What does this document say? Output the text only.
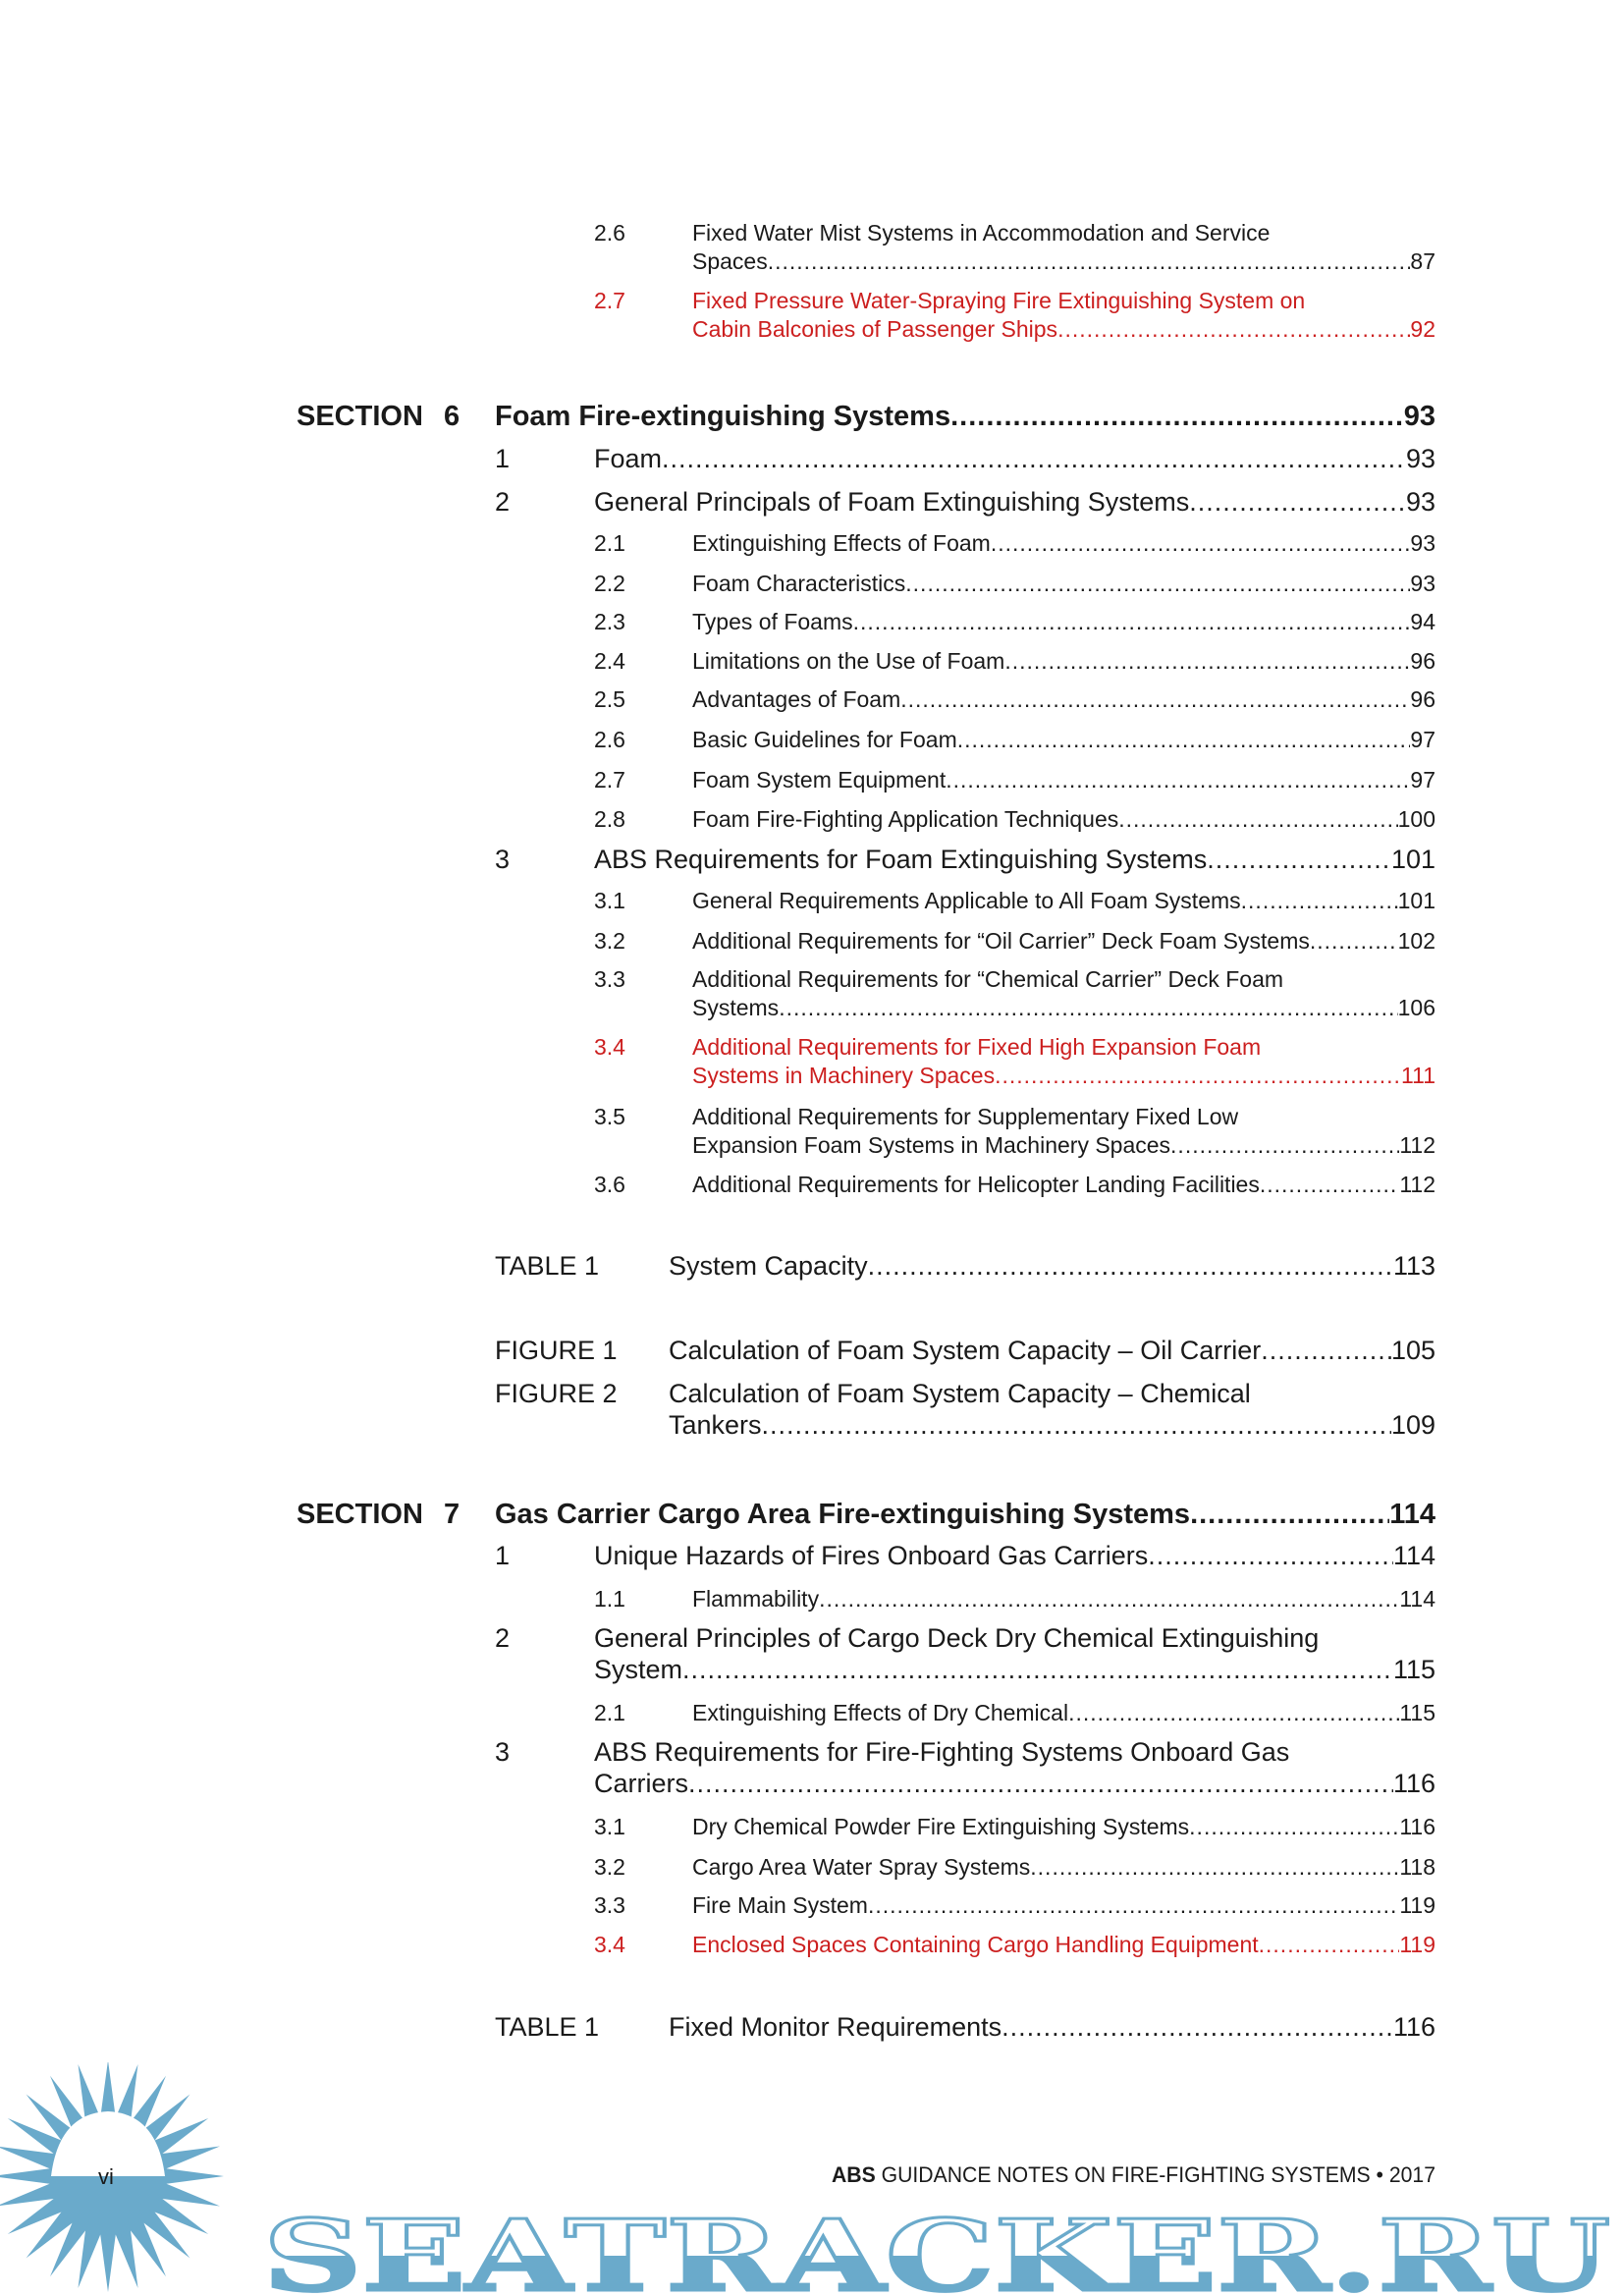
2.6	Fixed Water Mist Systems in Accommodation and Service
Spaces .....	87
2.7	Fixed Pressure Water-Spraying Fire Extinguishing System on
Cabin Balconies of Passenger Ships .....	92
SECTION 6 Foam Fire-extinguishing Systems .....	93
1	Foam .....	93
2	General Principals of Foam Extinguishing Systems .....	93
2.1	Extinguishing Effects of Foam .....	93
2.2	Foam Characteristics .....	93
2.3	Types of Foams .....	94
2.4	Limitations on the Use of Foam .....	96
2.5	Advantages of Foam .....	96
2.6	Basic Guidelines for Foam .....	97
2.7	Foam System Equipment .....	97
2.8	Foam Fire-Fighting Application Techniques .....	100
3	ABS Requirements for Foam Extinguishing Systems .....	101
3.1	General Requirements Applicable to All Foam Systems .....	101
3.2	Additional Requirements for “Oil Carrier” Deck Foam Systems .....	102
3.3	Additional Requirements for “Chemical Carrier” Deck Foam
Systems .....	106
3.4	Additional Requirements for Fixed High Expansion Foam
Systems in Machinery Spaces .....	111
3.5	Additional Requirements for Supplementary Fixed Low
Expansion Foam Systems in Machinery Spaces .....	112
3.6	Additional Requirements for Helicopter Landing Facilities .....	112
TABLE 1	System Capacity .....	113
FIGURE 1 Calculation of Foam System Capacity – Oil Carrier .....	105
FIGURE 2 Calculation of Foam System Capacity – Chemical
Tankers .....	109
SECTION 7 Gas Carrier Cargo Area Fire-extinguishing Systems .....	114
1	Unique Hazards of Fires Onboard Gas Carriers .....	114
1.1	Flammability .....	114
2	General Principles of Cargo Deck Dry Chemical Extinguishing
System .....	115
2.1	Extinguishing Effects of Dry Chemical .....	115
3	ABS Requirements for Fire-Fighting Systems Onboard Gas
Carriers .....	116
3.1	Dry Chemical Powder Fire Extinguishing Systems .....	116
3.2	Cargo Area Water Spray Systems .....	118
3.3	Fire Main System .....	119
3.4	Enclosed Spaces Containing Cargo Handling Equipment .....	119
TABLE 1	Fixed Monitor Requirements .....	116
SEATRACKER.RU
vi	ABS GUIDANCE NOTES ON FIRE-FIGHTING SYSTEMS • 2017
